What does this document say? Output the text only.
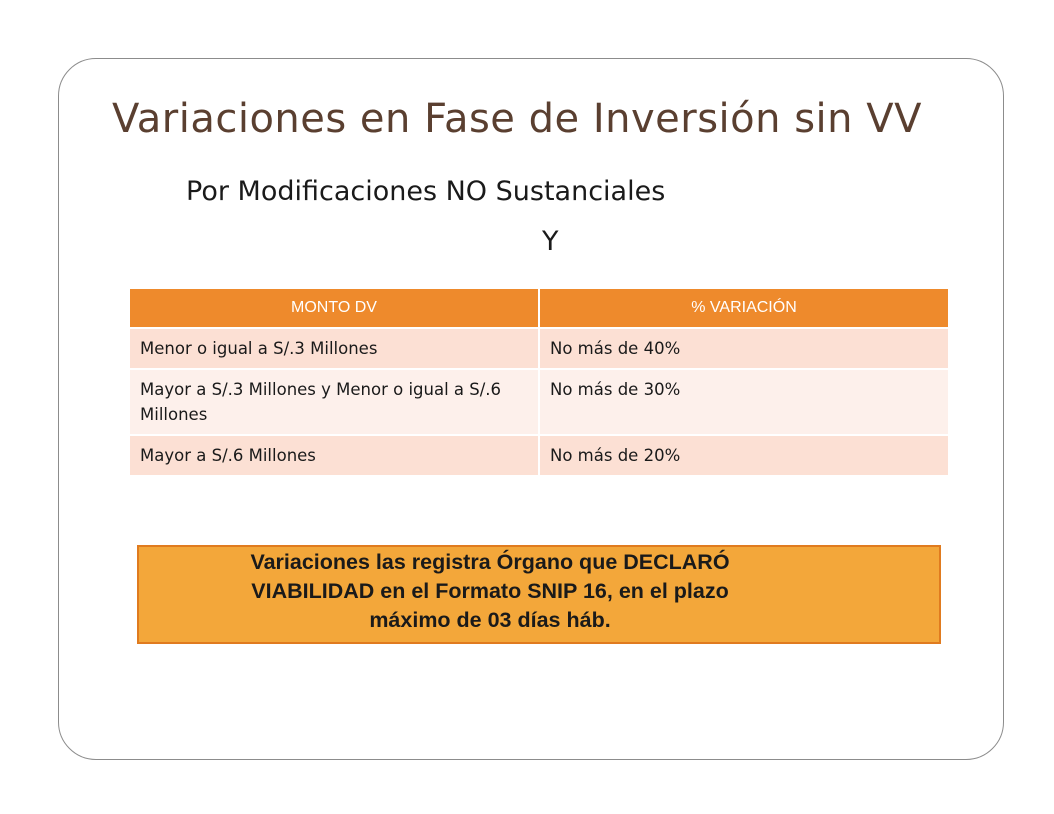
Variaciones en Fase de Inversión sin VV
Por Modificaciones NO Sustanciales
Y
MONTO DV	% VARIACIÓN
Menor o igual a S/.3 Millones	No más de 40%
Mayor a S/.3 Millones y Menor o igual a S/.6 Millones	No más de 30%
Mayor a S/.6 Millones	No más de 20%
Variaciones las registra Órgano que DECLARÓ
VIABILIDAD en el Formato SNIP 16, en el plazo
máximo de 03 días háb.
